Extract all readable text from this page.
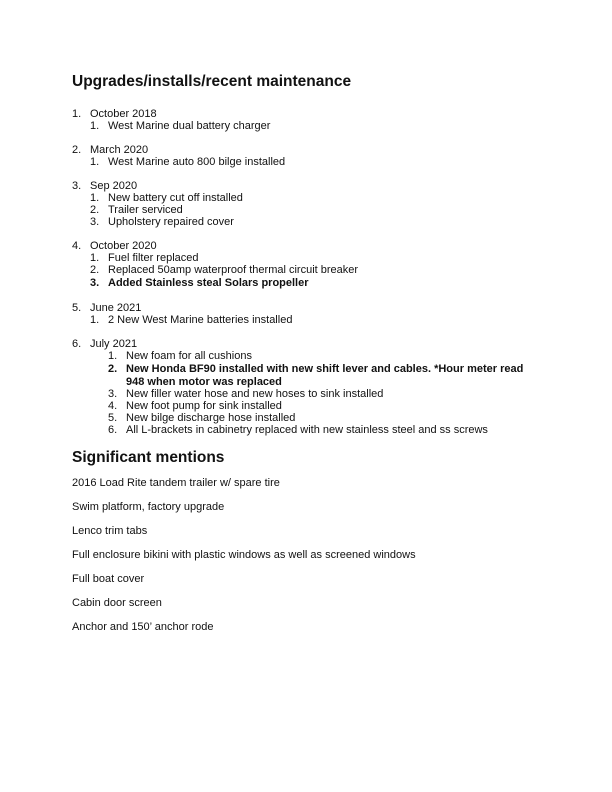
Upgrades/installs/recent maintenance
1. October 2018
1. West Marine dual battery charger
2. March 2020
1. West Marine auto 800 bilge installed
3. Sep 2020
1. New battery cut off installed
2. Trailer serviced
3. Upholstery repaired cover
4. October 2020
1. Fuel filter replaced
2. Replaced 50amp waterproof thermal circuit breaker
3. Added Stainless steal Solars propeller
5. June 2021
1. 2 New West Marine batteries installed
6. July 2021
1. New foam for all cushions
2. New Honda BF90 installed with new shift lever and cables. *Hour meter read
948 when motor was replaced
3. New filler water hose and new hoses to sink installed
4. New foot pump for sink installed
5. New bilge discharge hose installed
6. All L-brackets in cabinetry replaced with new stainless steel and ss screws
Significant mentions
2016 Load Rite tandem trailer w/ spare tire
Swim platform, factory upgrade
Lenco trim tabs
Full enclosure bikini with plastic windows as well as screened windows
Full boat cover
Cabin door screen
Anchor and 150’ anchor rode
